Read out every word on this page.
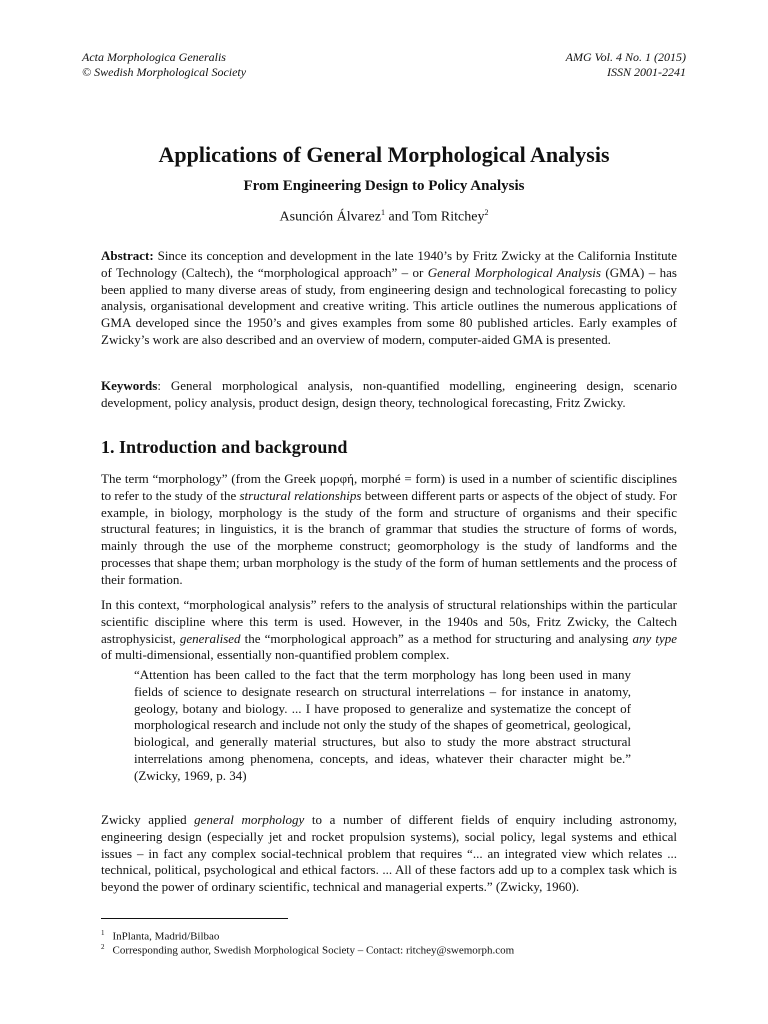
Acta Morphologica Generalis
© Swedish Morphological Society
AMG Vol. 4 No. 1 (2015)
ISSN 2001-2241
Applications of General Morphological Analysis
From Engineering Design to Policy Analysis
Asunción Álvarez$^1$ and Tom Ritchey$^2$
Abstract: Since its conception and development in the late 1940’s by Fritz Zwicky at the California Institute of Technology (Caltech), the “morphological approach” – or General Morphological Analysis (GMA) – has been applied to many diverse areas of study, from engineering design and technological forecasting to policy analysis, organisational development and creative writing. This article outlines the numerous applications of GMA developed since the 1950’s and gives examples from some 80 published articles. Early examples of Zwicky’s work are also described and an overview of modern, computer-aided GMA is presented.
Keywords: General morphological analysis, non-quantified modelling, engineering design, scenario development, policy analysis, product design, design theory, technological forecasting, Fritz Zwicky.
1. Introduction and background
The term “morphology” (from the Greek μορφή, morphé = form) is used in a number of scientific disciplines to refer to the study of the structural relationships between different parts or aspects of the object of study. For example, in biology, morphology is the study of the form and structure of organisms and their specific structural features; in linguistics, it is the branch of grammar that studies the structure of forms of words, mainly through the use of the morpheme construct; geomorphology is the study of landforms and the processes that shape them; urban morphology is the study of the form of human settlements and the process of their formation.
In this context, “morphological analysis” refers to the analysis of structural relationships within the particular scientific discipline where this term is used. However, in the 1940s and 50s, Fritz Zwicky, the Caltech astrophysicist, generalised the “morphological approach” as a method for structuring and analysing any type of multi-dimensional, essentially non-quantified problem complex.
“Attention has been called to the fact that the term morphology has long been used in many fields of science to designate research on structural interrelations – for instance in anatomy, geology, botany and biology. ... I have proposed to generalize and systematize the concept of morphological research and include not only the study of the shapes of geometrical, geological, biological, and generally material structures, but also to study the more abstract structural interrelations among phenomena, concepts, and ideas, whatever their character might be.” (Zwicky, 1969, p. 34)
Zwicky applied general morphology to a number of different fields of enquiry including astronomy, engineering design (especially jet and rocket propulsion systems), social policy, legal systems and ethical issues – in fact any complex social-technical problem that requires “... an integrated view which relates ... technical, political, psychological and ethical factors. ... All of these factors add up to a complex task which is beyond the power of ordinary scientific, technical and managerial experts.” (Zwicky, 1960).
$^1$ InPlanta, Madrid/Bilbao
$^2$ Corresponding author, Swedish Morphological Society – Contact: ritchey@swemorph.com
